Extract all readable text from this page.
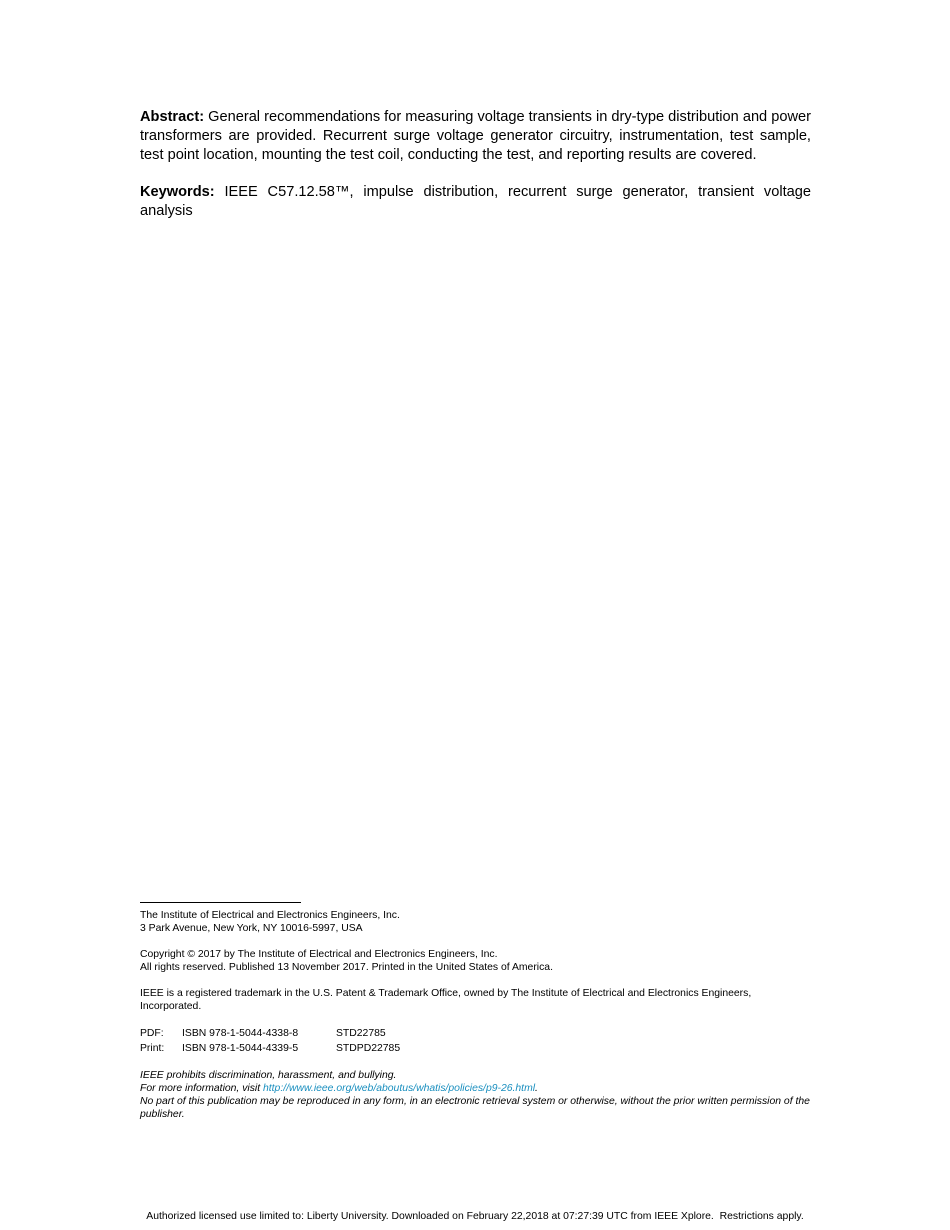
Abstract: General recommendations for measuring voltage transients in dry-type distribution and power transformers are provided. Recurrent surge voltage generator circuitry, instrumentation, test sample, test point location, mounting the test coil, conducting the test, and reporting results are covered.

Keywords: IEEE C57.12.58™, impulse distribution, recurrent surge generator, transient voltage analysis

The Institute of Electrical and Electronics Engineers, Inc.

3 Park Avenue, New York, NY 10016-5997, USA

Copyright © 2017 by The Institute of Electrical and Electronics Engineers, Inc.

All rights reserved. Published 13 November 2017. Printed in the United States of America.

IEEE is a registered trademark in the U.S. Patent & Trademark Office, owned by The Institute of Electrical and Electronics Engineers, Incorporated.

PDF:	ISBN 978-1-5044-4338-8	STD22785
Print:	ISBN 978-1-5044-4339-5	STDPD22785

IEEE prohibits discrimination, harassment, and bullying.

For more information, visit http://www.ieee.org/web/aboutus/whatis/policies/p9-26.html.

No part of this publication may be reproduced in any form, in an electronic retrieval system or otherwise, without the prior written permission of the publisher.

Authorized licensed use limited to: Liberty University. Downloaded on February 22,2018 at 07:27:39 UTC from IEEE Xplore.  Restrictions apply.
